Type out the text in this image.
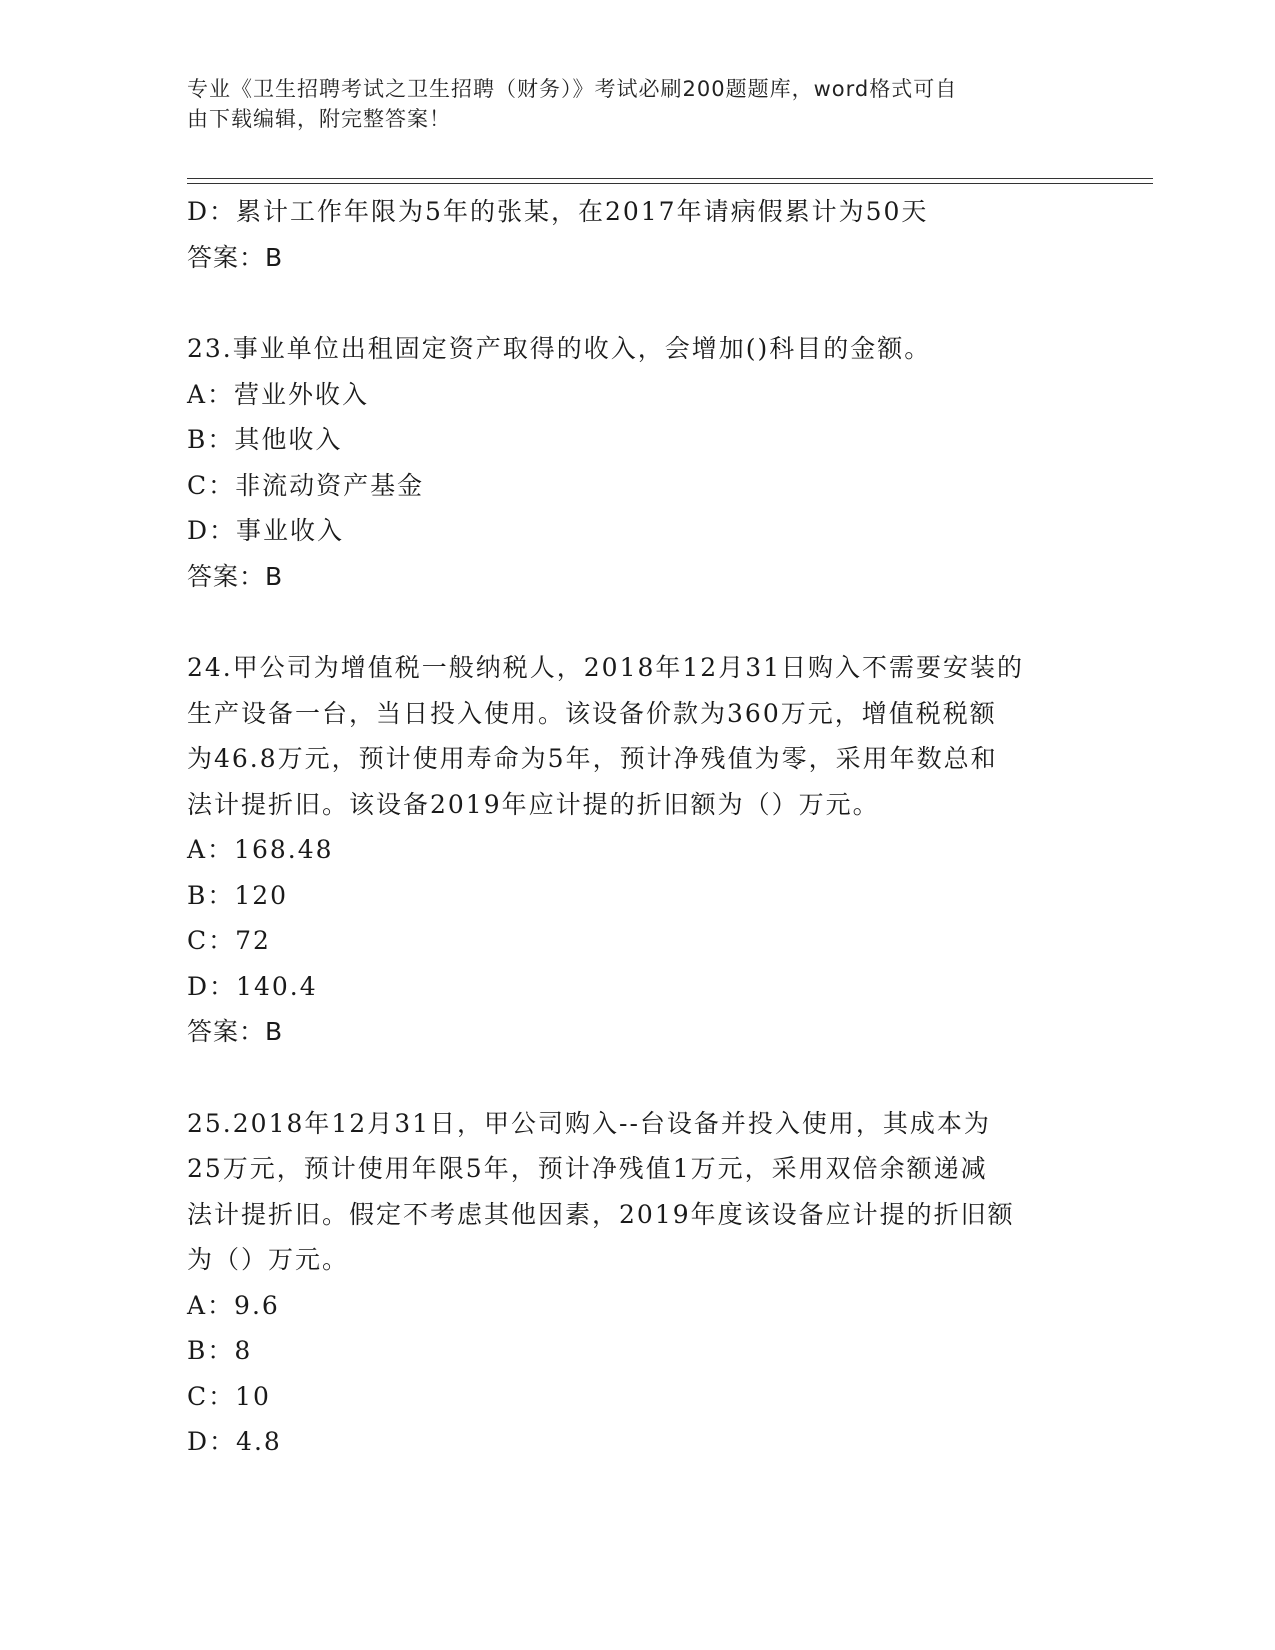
专业《卫生招聘考试之卫生招聘（财务）》考试必刷200题题库，word格式可自
由下载编辑，附完整答案！
D：累计工作年限为5年的张某，在2017年请病假累计为50天
答案：B
23.事业单位出租固定资产取得的收入，会增加()科目的金额。
A：营业外收入
B：其他收入
C：非流动资产基金
D：事业收入
答案：B
24.甲公司为增值税一般纳税人，2018年12月31日购入不需要安装的
生产设备一台，当日投入使用。该设备价款为360万元，增值税税额
为46.8万元，预计使用寿命为5年，预计净残值为零，采用年数总和
法计提折旧。该设备2019年应计提的折旧额为（）万元。
A：168.48
B：120
C：72
D：140.4
答案：B
25.2018年12月31日，甲公司购入--台设备并投入使用，其成本为
25万元，预计使用年限5年，预计净残值1万元，采用双倍余额递减
法计提折旧。假定不考虑其他因素，2019年度该设备应计提的折旧额
为（）万元。
A：9.6
B：8
C：10
D：4.8
